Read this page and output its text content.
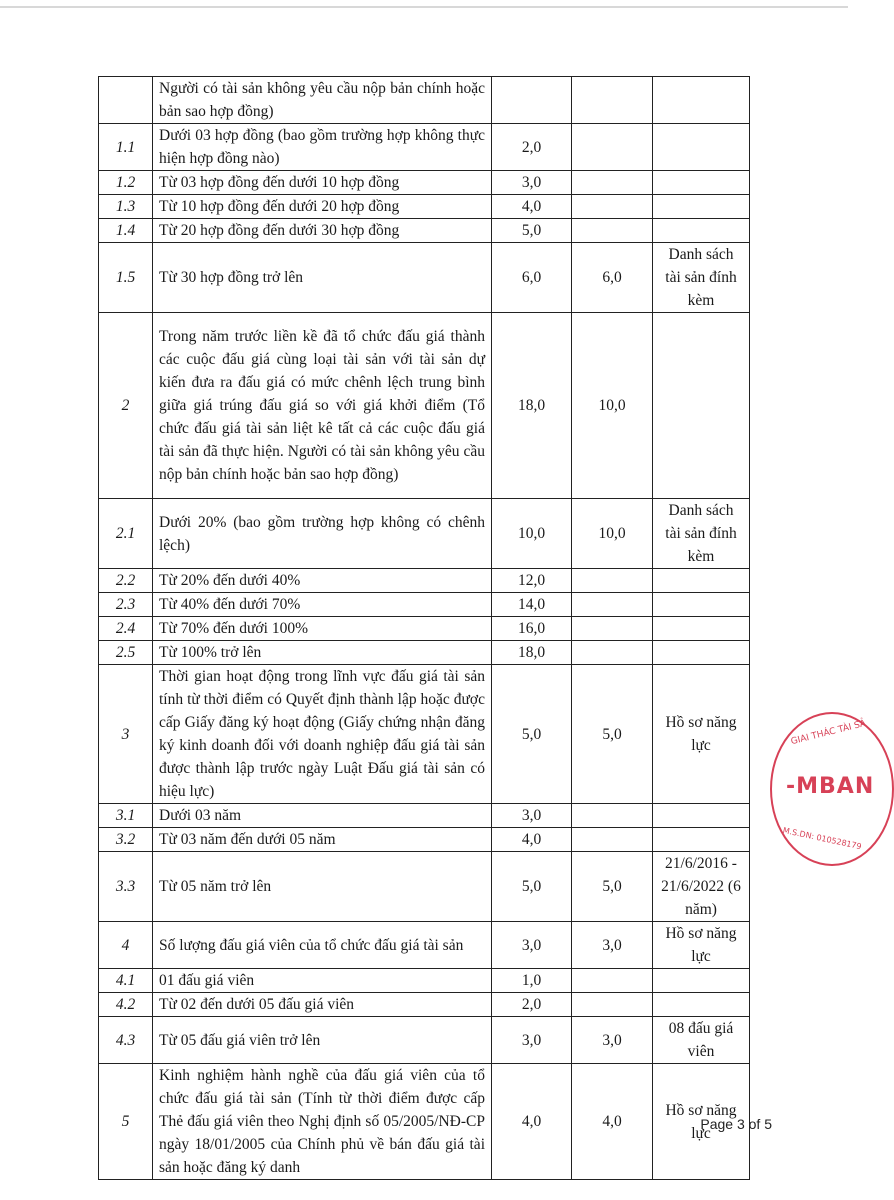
	Người có tài sản không yêu cầu nộp bản chính hoặc bản sao hợp đồng)			
1.1	Dưới 03 hợp đồng (bao gồm trường hợp không thực hiện hợp đồng nào)	2,0		
1.2	Từ 03 hợp đồng đến dưới 10 hợp đồng	3,0		
1.3	Từ 10 hợp đồng đến dưới 20 hợp đồng	4,0		
1.4	Từ 20 hợp đồng đến dưới 30 hợp đồng	5,0		
1.5	Từ 30 hợp đồng trở lên	6,0	6,0	Danh sách tài sản đính kèm
2	Trong năm trước liền kề đã tổ chức đấu giá thành các cuộc đấu giá cùng loại tài sản với tài sản dự kiến đưa ra đấu giá có mức chênh lệch trung bình giữa giá trúng đấu giá so với giá khởi điểm (Tổ chức đấu giá tài sản liệt kê tất cả các cuộc đấu giá tài sản đã thực hiện. Người có tài sản không yêu cầu nộp bản chính hoặc bản sao hợp đồng)	18,0	10,0	
2.1	Dưới 20% (bao gồm trường hợp không có chênh lệch)	10,0	10,0	Danh sách tài sản đính kèm
2.2	Từ 20% đến dưới 40%	12,0		
2.3	Từ 40% đến dưới 70%	14,0		
2.4	Từ 70% đến dưới 100%	16,0		
2.5	Từ 100% trở lên	18,0		
3	Thời gian hoạt động trong lĩnh vực đấu giá tài sản tính từ thời điểm có Quyết định thành lập hoặc được cấp Giấy đăng ký hoạt động (Giấy chứng nhận đăng ký kinh doanh đối với doanh nghiệp đấu giá tài sản được thành lập trước ngày Luật Đấu giá tài sản có hiệu lực)	5,0	5,0	Hồ sơ năng lực
3.1	Dưới 03 năm	3,0		
3.2	Từ 03 năm đến dưới 05 năm	4,0		
3.3	Từ 05 năm trở lên	5,0	5,0	21/6/2016 - 21/6/2022 (6 năm)
4	Số lượng đấu giá viên của tổ chức đấu giá tài sản	3,0	3,0	Hồ sơ năng lực
4.1	01 đấu giá viên	1,0		
4.2	Từ 02 đến dưới 05 đấu giá viên	2,0		
4.3	Từ 05 đấu giá viên trở lên	3,0	3,0	08 đấu giá viên
5	Kinh nghiệm hành nghề của đấu giá viên của tổ chức đấu giá tài sản (Tính từ thời điểm được cấp Thẻ đấu giá viên theo Nghị định số 05/2005/NĐ-CP ngày 18/01/2005 của Chính phủ về bán đấu giá tài sản hoặc đăng ký danh	4,0	4,0	Hồ sơ năng lực
GIAI THÁC TÀI SẢ
-MBAN
M.S.DN: 010528179
Page 3 of 5
